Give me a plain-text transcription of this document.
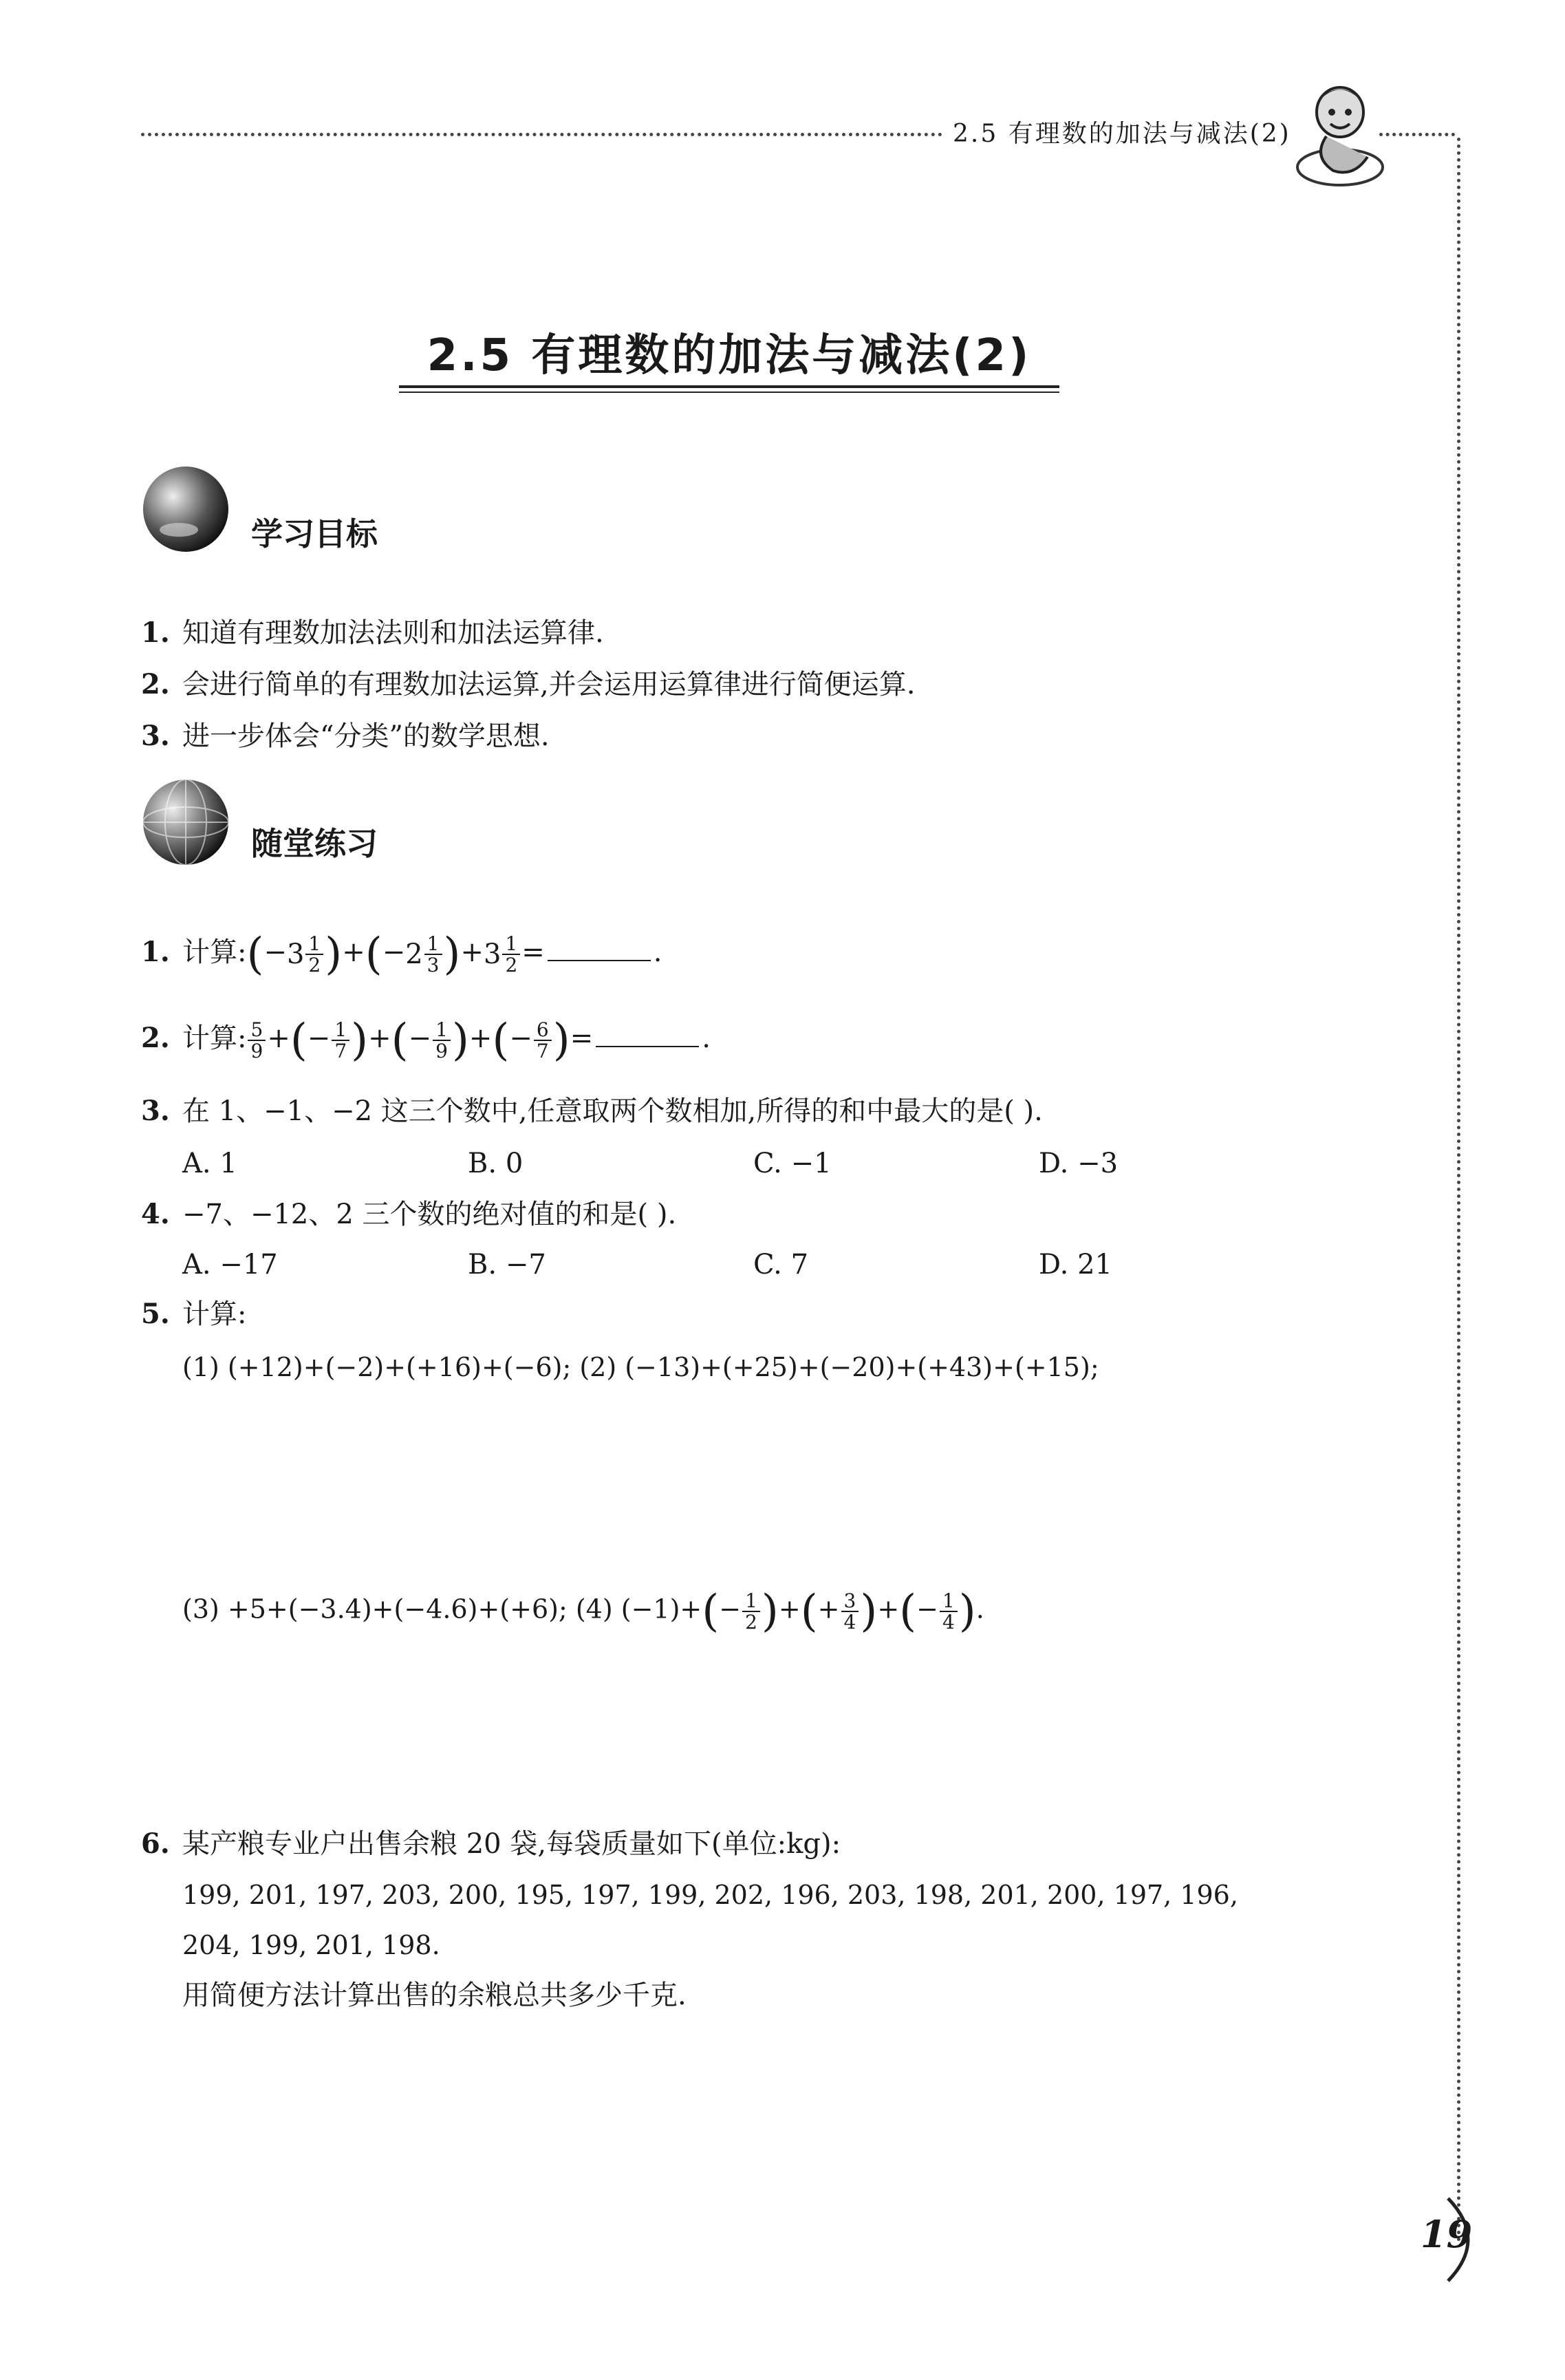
2.5 有理数的加法与减法(2)
2.5 有理数的加法与减法(2)
学习目标
1. 知道有理数加法法则和加法运算律.
2. 会进行简单的有理数加法运算,并会运用运算律进行简便运算.
3. 进一步体会“分类”的数学思想.
随堂练习
1. 计算:(− $3 \frac{1}{2}$ )+(− $2 \frac{1}{3}$ )+ $3 \frac{1}{2}$ =	.
2. 计算: $\frac{5}{9}$ +(− $\frac{1}{7}$ )+(− $\frac{1}{9}$ )+(− $\frac{6}{7}$ )=	.
3. 在 1、−1、−2 这三个数中,任意取两个数相加,所得的和中最大的是( ).
A. 1	B. 0	C. −1	D. −3
4. −7、−12、2 三个数的绝对值的和是( ).
A. −17	B. −7	C. 7	D. 21
5. 计算:
(1) (+12)+(−2)+(+16)+(−6); (2) (−13)+(+25)+(−20)+(+43)+(+15);
(3) +5+(−3.4)+(−4.6)+(+6); (4) $(-1)+(- \frac{1}{2}$ )+(+ $\frac{3}{4}$ )+(− $\frac{1}{4}$ ).
6. 某产粮专业户出售余粮 20 袋,每袋质量如下(单位:kg):
199, 201, 197, 203, 200, 195, 197, 199, 202, 196, 203, 198, 201, 200, 197, 196,
204, 199, 201, 198.
用简便方法计算出售的余粮总共多少千克.
19
